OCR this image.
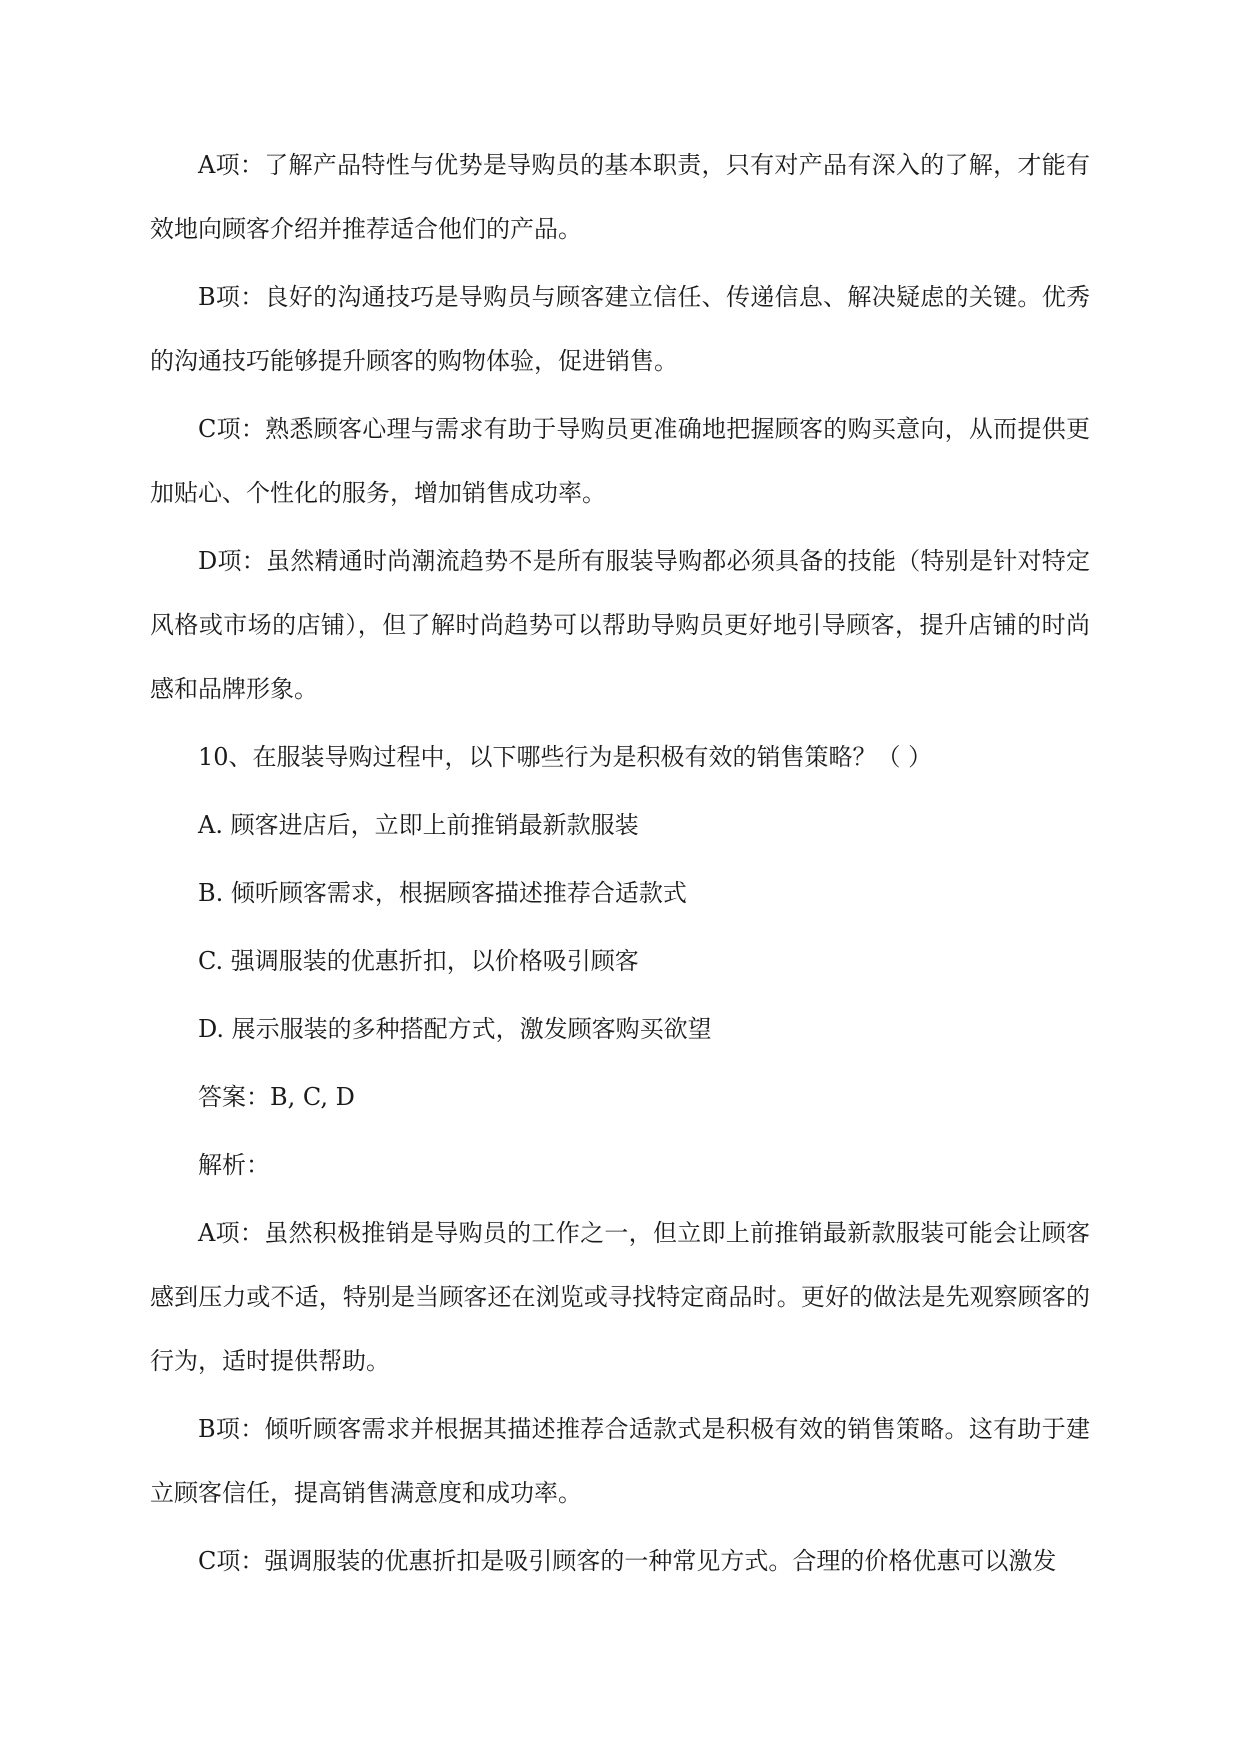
A项：了解产品特性与优势是导购员的基本职责，只有对产品有深入的了解，才能有效地向顾客介绍并推荐适合他们的产品。

B项：良好的沟通技巧是导购员与顾客建立信任、传递信息、解决疑虑的关键。优秀的沟通技巧能够提升顾客的购物体验，促进销售。

C项：熟悉顾客心理与需求有助于导购员更准确地把握顾客的购买意向，从而提供更加贴心、个性化的服务，增加销售成功率。

D项：虽然精通时尚潮流趋势不是所有服装导购都必须具备的技能（特别是针对特定风格或市场的店铺），但了解时尚趋势可以帮助导购员更好地引导顾客，提升店铺的时尚感和品牌形象。

10、在服装导购过程中，以下哪些行为是积极有效的销售策略？（ ）

A. 顾客进店后，立即上前推销最新款服装

B. 倾听顾客需求，根据顾客描述推荐合适款式

C. 强调服装的优惠折扣，以价格吸引顾客

D. 展示服装的多种搭配方式，激发顾客购买欲望

答案：B, C, D

解析：

A项：虽然积极推销是导购员的工作之一，但立即上前推销最新款服装可能会让顾客感到压力或不适，特别是当顾客还在浏览或寻找特定商品时。更好的做法是先观察顾客的行为，适时提供帮助。

B项：倾听顾客需求并根据其描述推荐合适款式是积极有效的销售策略。这有助于建立顾客信任，提高销售满意度和成功率。

C项：强调服装的优惠折扣是吸引顾客的一种常见方式。合理的价格优惠可以激发
